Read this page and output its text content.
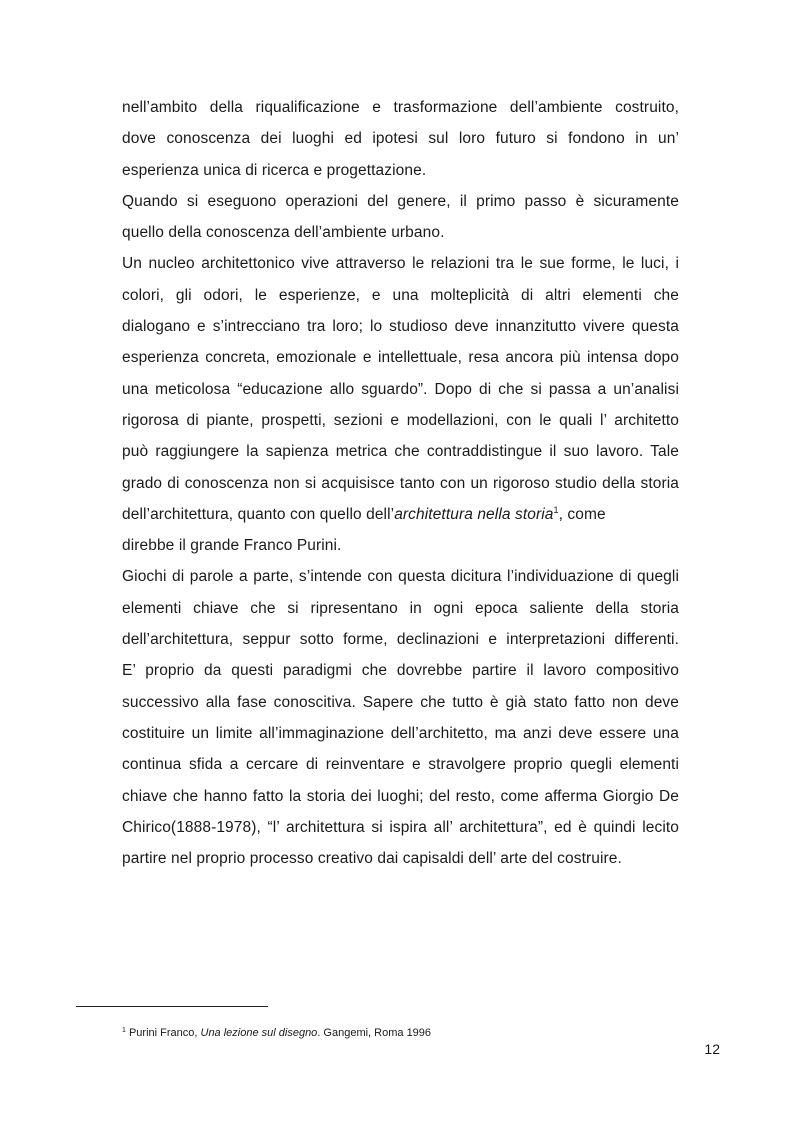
nell’ambito della riqualificazione e trasformazione dell’ambiente costruito,
dove conoscenza dei luoghi ed ipotesi sul loro futuro si fondono in un’
esperienza unica di ricerca e progettazione.
Quando si eseguono operazioni del genere, il primo passo è sicuramente
quello della conoscenza dell’ambiente urbano.
Un nucleo architettonico vive attraverso le relazioni tra le sue forme, le luci, i
colori, gli odori, le esperienze, e una molteplicità di altri elementi che
dialogano e s’intrecciano tra loro; lo studioso deve innanzitutto vivere questa
esperienza concreta, emozionale e intellettuale, resa ancora più intensa dopo
una meticolosa “educazione allo sguardo”. Dopo di che si passa a un’analisi
rigorosa di piante, prospetti, sezioni e modellazioni, con le quali l’ architetto
può raggiungere la sapienza metrica che contraddistingue il suo lavoro. Tale
grado di conoscenza non si acquisisce tanto con un rigoroso studio della storia
dell’architettura, quanto con quello dell’architettura nella storia$^1$, come
direbbe il grande Franco Purini.
Giochi di parole a parte, s’intende con questa dicitura l’individuazione di quegli
elementi chiave che si ripresentano in ogni epoca saliente della storia
dell’architettura, seppur sotto forme, declinazioni e interpretazioni differenti.
E’ proprio da questi paradigmi che dovrebbe partire il lavoro compositivo
successivo alla fase conoscitiva. Sapere che tutto è già stato fatto non deve
costituire un limite all’immaginazione dell’architetto, ma anzi deve essere una
continua sfida a cercare di reinventare e stravolgere proprio quegli elementi
chiave che hanno fatto la storia dei luoghi; del resto, come afferma Giorgio De
Chirico(1888-1978), “l’ architettura si ispira all’ architettura”, ed è quindi lecito
partire nel proprio processo creativo dai capisaldi dell’ arte del costruire.
$^1$ Purini Franco, Una lezione sul disegno. Gangemi, Roma 1996
12
